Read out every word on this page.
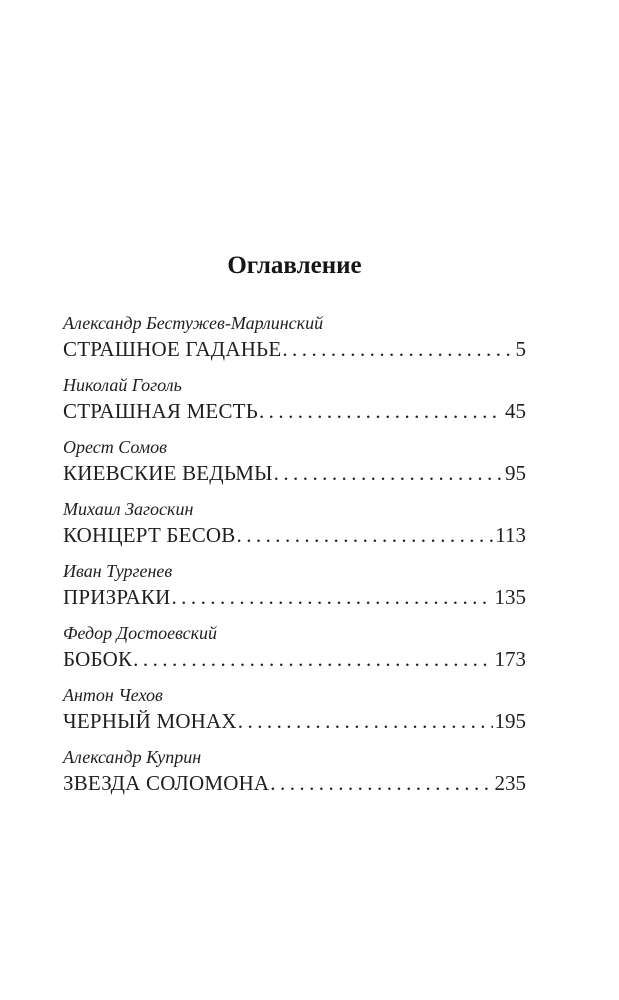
Оглавление
Александр Бестужев-Марлинский
СТРАШНОЕ ГАДАНЬЕ . . .	5
Николай Гоголь
СТРАШНАЯ МЕСТЬ . . .	45
Орест Сомов
КИЕВСКИЕ ВЕДЬМЫ . . .	95
Михаил Загоскин
КОНЦЕРТ БЕСОВ . . .	113
Иван Тургенев
ПРИЗРАКИ . . .	135
Федор Достоевский
БОБОК . . .	173
Антон Чехов
ЧЕРНЫЙ МОНАХ . . .	195
Александр Куприн
ЗВЕЗДА СОЛОМОНА . . .	235
